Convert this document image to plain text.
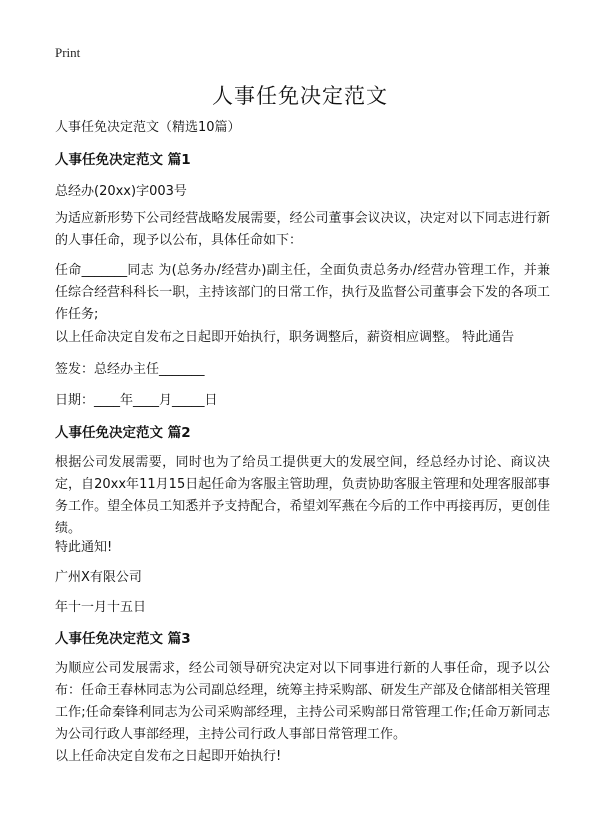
Print
人事任免决定范文
人事任免决定范文（精选10篇）
人事任免决定范文 篇1
总经办(20xx)字003号
为适应新形势下公司经营战略发展需要，经公司董事会议决议，决定对以下同志进行新的人事任命，现予以公布，具体任命如下：
任命_______同志 为(总务办/经营办)副主任，全面负责总务办/经营办管理工作，并兼任综合经营科科长一职，主持该部门的日常工作，执行及监督公司董事会下发的各项工作任务;
以上任命决定自发布之日起即开始执行，职务调整后，薪资相应调整。 特此通告
签发：总经办主任_______
日期：____年____月_____日
人事任免决定范文 篇2
根据公司发展需要，同时也为了给员工提供更大的发展空间，经总经办讨论、商议决定，自20xx年11月15日起任命为客服主管助理，负责协助客服主管理和处理客服部事务工作。望全体员工知悉并予支持配合，希望刘军燕在今后的工作中再接再厉，更创佳绩。
特此通知!
广州X有限公司
年十一月十五日
人事任免决定范文 篇3
为顺应公司发展需求，经公司领导研究决定对以下同事进行新的人事任命，现予以公布：任命王春林同志为公司副总经理，统筹主持采购部、研发生产部及仓储部相关管理工作;任命秦锋利同志为公司采购部经理，主持公司采购部日常管理工作;任命万新同志为公司行政人事部经理，主持公司行政人事部日常管理工作。
以上任命决定自发布之日起即开始执行!
